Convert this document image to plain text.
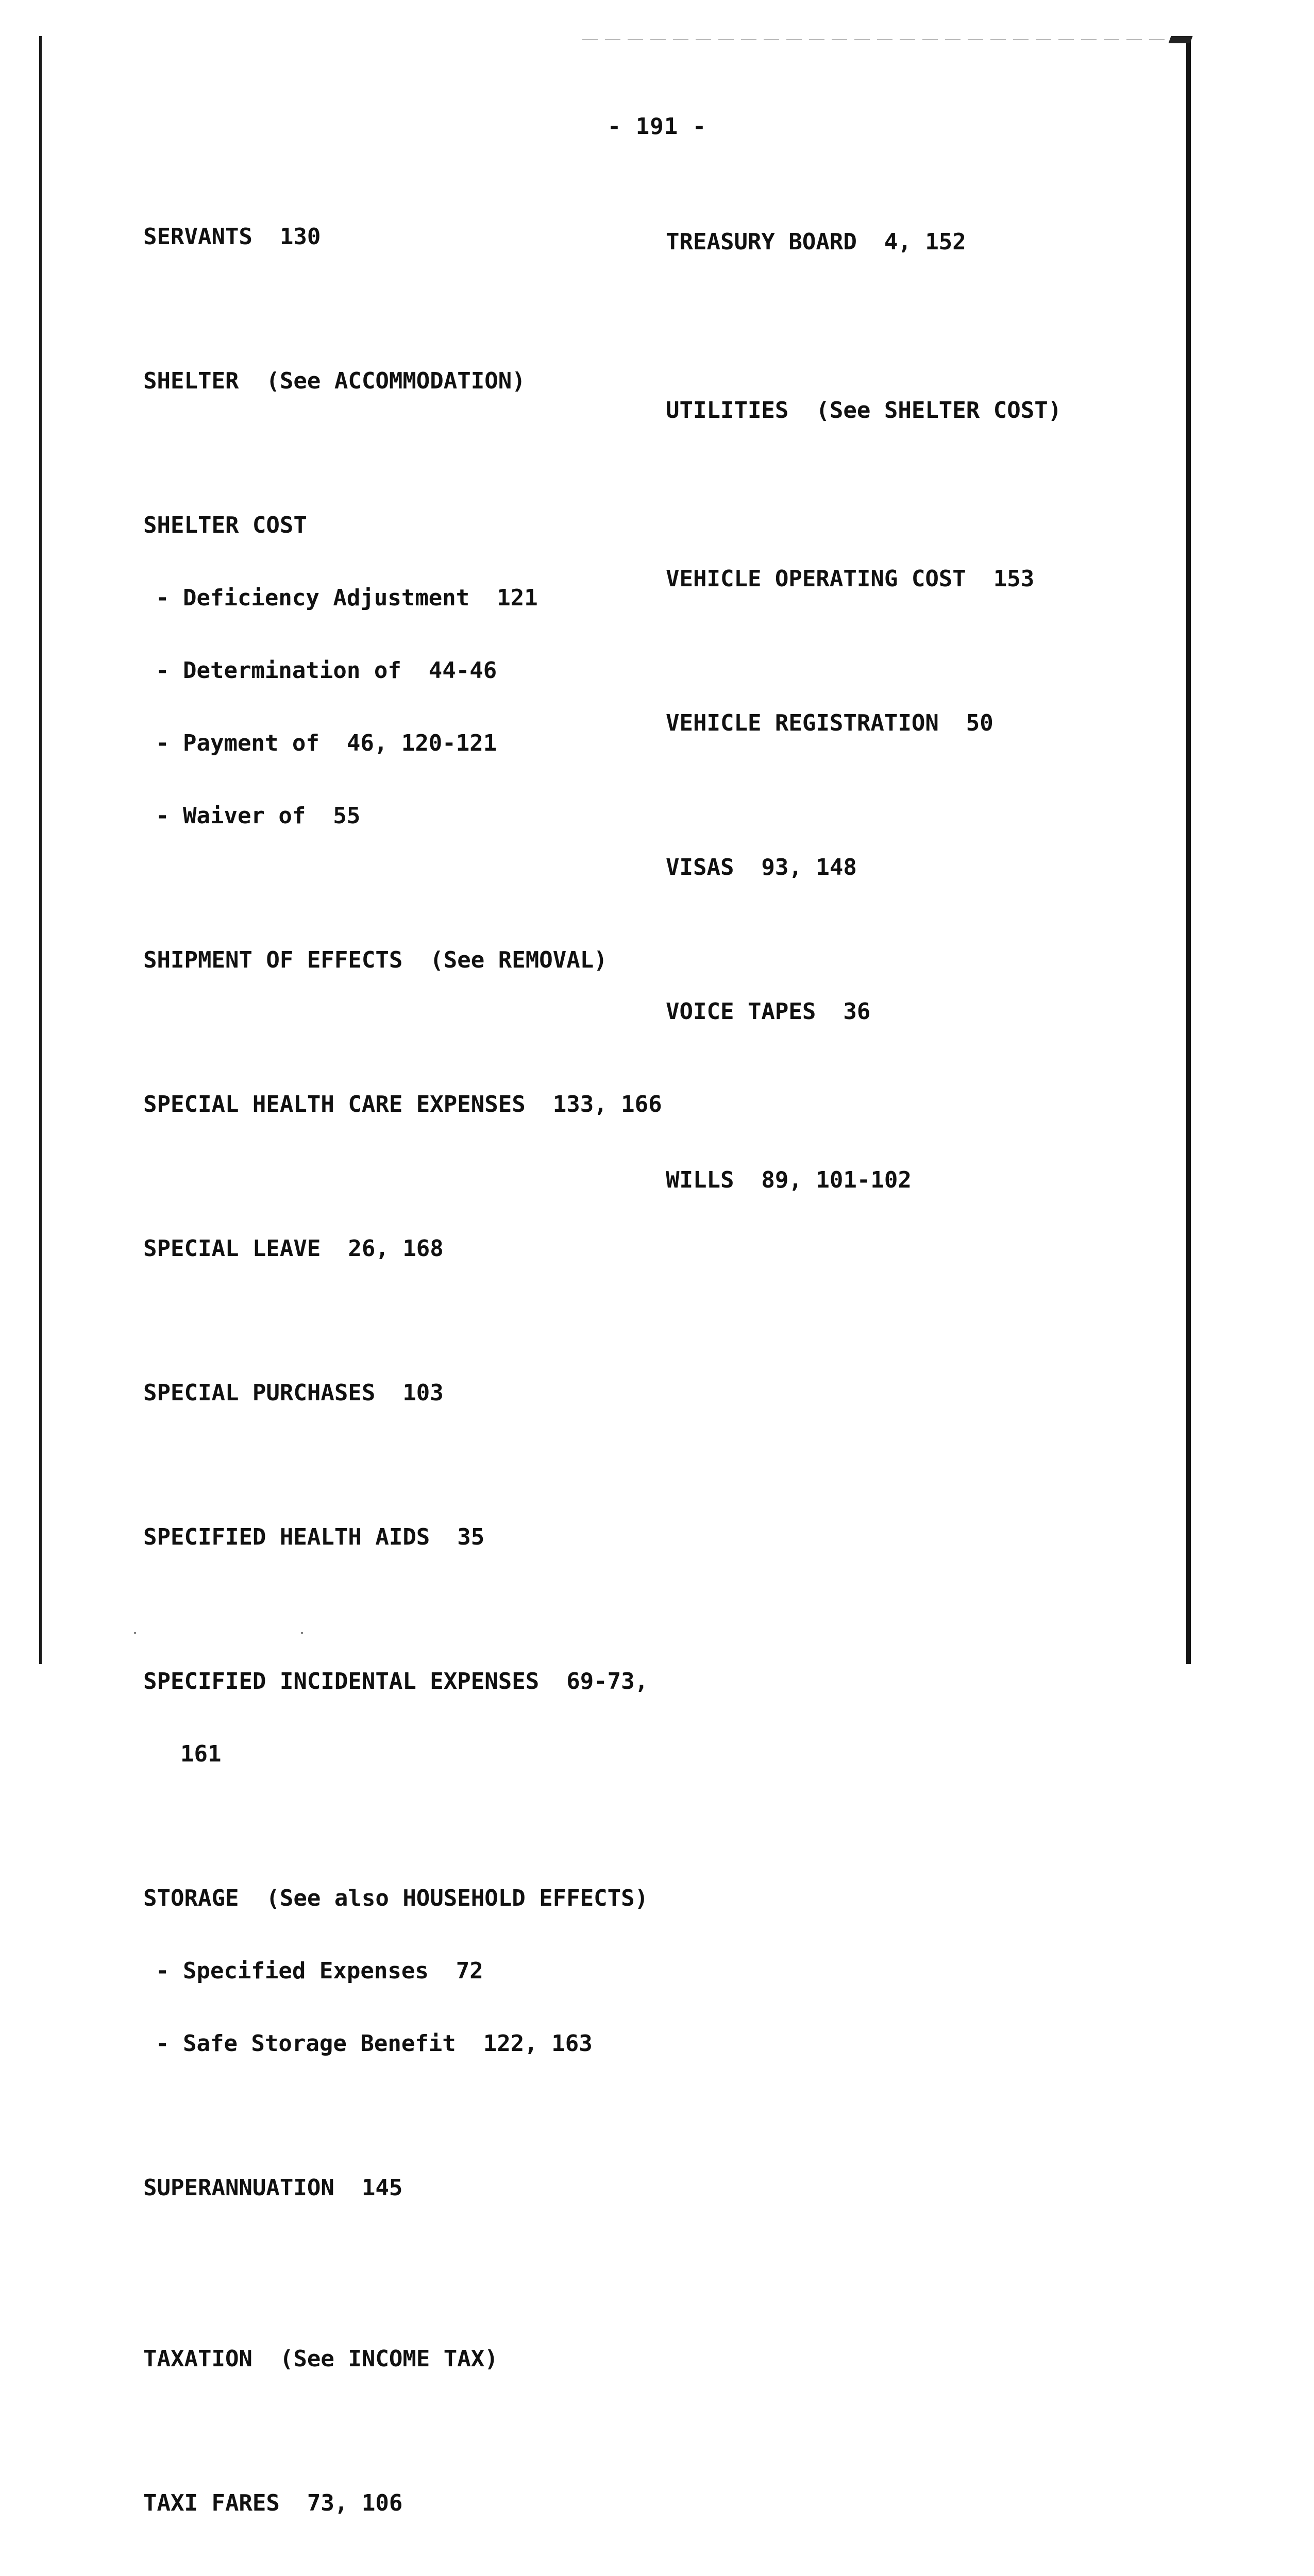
- 191 -

SERVANTS  130

SHELTER  (See ACCOMMODATION)

SHELTER COST

- Deficiency Adjustment  121

- Determination of  44-46

- Payment of  46, 120-121

- Waiver of  55

SHIPMENT OF EFFECTS  (See REMOVAL)

SPECIAL HEALTH CARE EXPENSES  133, 166

SPECIAL LEAVE  26, 168

SPECIAL PURCHASES  103

SPECIFIED HEALTH AIDS  35

SPECIFIED INCIDENTAL EXPENSES  69-73,

161

STORAGE  (See also HOUSEHOLD EFFECTS)

- Specified Expenses  72

- Safe Storage Benefit  122, 163

SUPERANNUATION  145

TAXATION  (See INCOME TAX)

TAXI FARES  73, 106

TREASURY BOARD  4, 152

UTILITIES  (See SHELTER COST)

VEHICLE OPERATING COST  153

VEHICLE REGISTRATION  50

VISAS  93, 148

VOICE TAPES  36

WILLS  89, 101-102

. .
